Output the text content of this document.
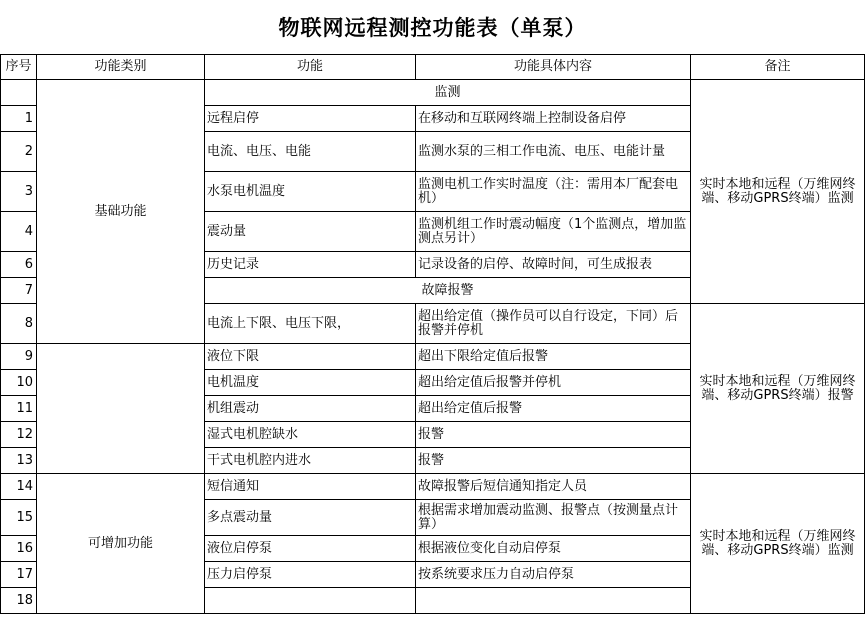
物联网远程测控功能表（单泵）
序号	功能类别	功能	功能具体内容	备注
	基础功能	监测		实时本地和远程（万维网终端、移动GPRS终端）监测
1		远程启停	在移动和互联网终端上控制设备启停	
2		电流、电压、电能	监测水泵的三相工作电流、电压、电能计量	
3		水泵电机温度	监测电机工作实时温度（注：需用本厂配套电机）	
4		震动量	监测机组工作时震动幅度（1个监测点，增加监测点另计）	
6		历史记录	记录设备的启停、故障时间，可生成报表	
7		故障报警		
8		电流上下限、电压下限，	超出给定值（操作员可以自行设定，下同）后报警并停机	实时本地和远程（万维网终端、移动GPRS终端）报警
9		液位下限	超出下限给定值后报警	
10		电机温度	超出给定值后报警并停机	
11		机组震动	超出给定值后报警	
12		湿式电机腔缺水	报警	
13		干式电机腔内进水	报警	
14	可增加功能	短信通知	故障报警后短信通知指定人员	实时本地和远程（万维网终端、移动GPRS终端）监测
15		多点震动量	根据需求增加震动监测、报警点（按测量点计算）	
16		液位启停泵	根据液位变化自动启停泵	
17		压力启停泵	按系统要求压力自动启停泵	
18				
